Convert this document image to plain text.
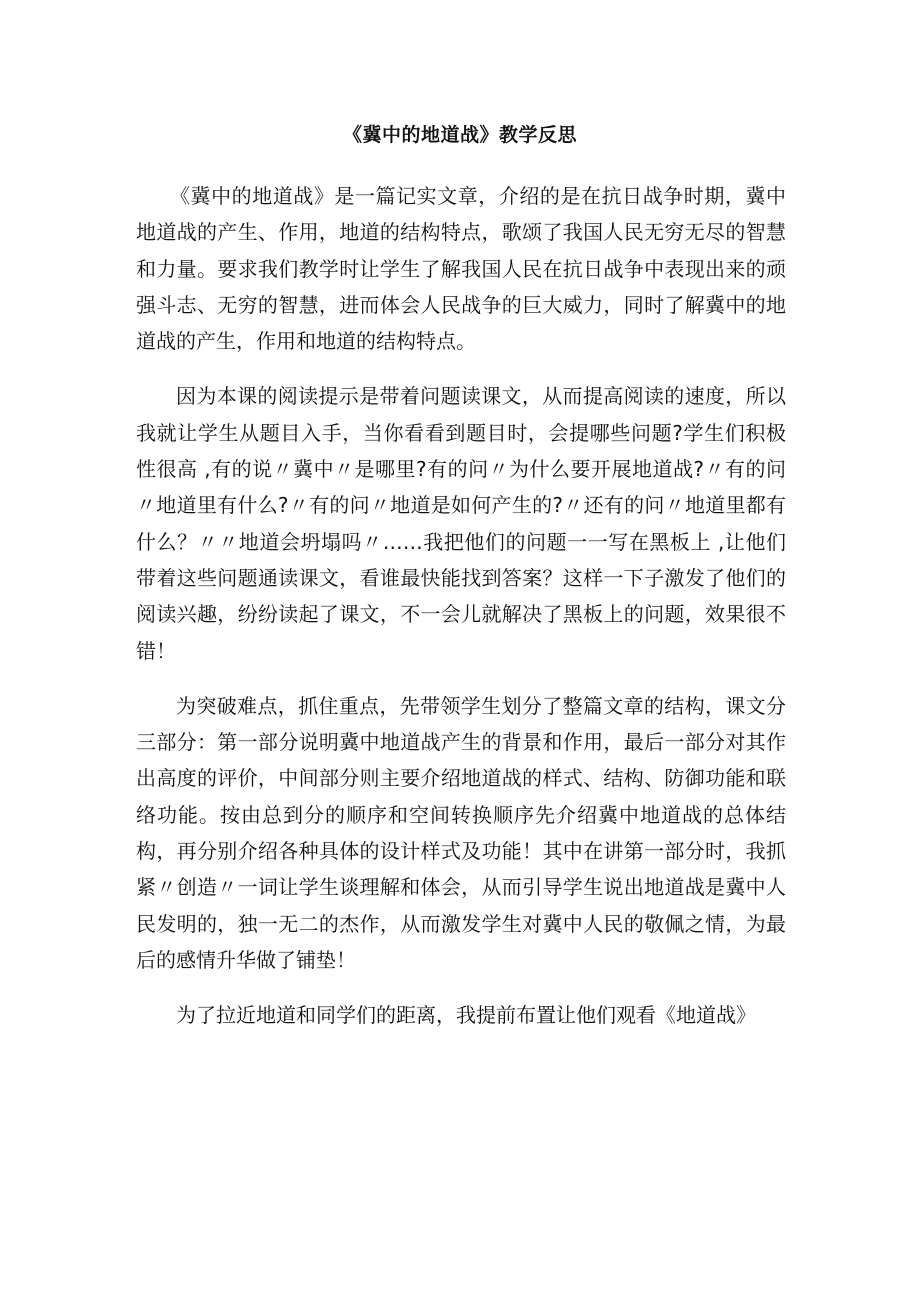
《冀中的地道战》教学反思

《冀中的地道战》是一篇记实文章，介绍的是在抗日战争时期，冀中地道战的产生、作用，地道的结构特点，歌颂了我国人民无穷无尽的智慧和力量。要求我们教学时让学生了解我国人民在抗日战争中表现出来的顽强斗志、无穷的智慧，进而体会人民战争的巨大威力，同时了解冀中的地道战的产生，作用和地道的结构特点。

因为本课的阅读提示是带着问题读课文，从而提高阅读的速度，所以我就让学生从题目入手，当你看看到题目时，会提哪些问题?学生们积极性很高 ,有的说〃冀中〃是哪里?有的问〃为什么要开展地道战?〃有的问〃地道里有什么?〃有的问〃地道是如何产生的?〃还有的问〃地道里都有什么？〃〃地道会坍塌吗〃……我把他们的问题一一写在黑板上 ,让他们带着这些问题通读课文，看谁最快能找到答案？这样一下子激发了他们的阅读兴趣，纷纷读起了课文，不一会儿就解决了黑板上的问题，效果很不错！

为突破难点，抓住重点，先带领学生划分了整篇文章的结构，课文分三部分：第一部分说明冀中地道战产生的背景和作用，最后一部分对其作出高度的评价，中间部分则主要介绍地道战的样式、结构、防御功能和联络功能。按由总到分的顺序和空间转换顺序先介绍冀中地道战的总体结构，再分别介绍各种具体的设计样式及功能！其中在讲第一部分时，我抓紧〃创造〃一词让学生谈理解和体会，从而引导学生说出地道战是冀中人民发明的，独一无二的杰作，从而激发学生对冀中人民的敬佩之情，为最后的感情升华做了铺垫！

为了拉近地道和同学们的距离，我提前布置让他们观看《地道战》
